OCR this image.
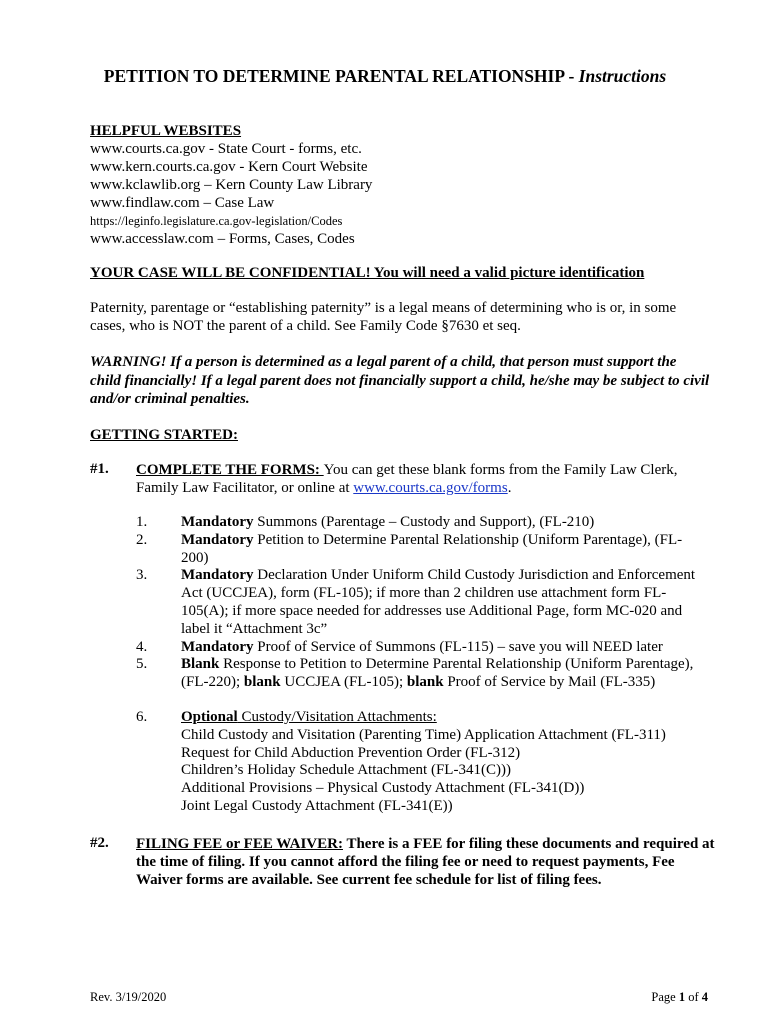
PETITION TO DETERMINE PARENTAL RELATIONSHIP - Instructions
HELPFUL WEBSITES
www.courts.ca.gov - State Court - forms, etc.
www.kern.courts.ca.gov - Kern Court Website
www.kclawlib.org – Kern County Law Library
www.findlaw.com – Case Law
https://leginfo.legislature.ca.gov-legislation/Codes
www.accesslaw.com – Forms, Cases, Codes
YOUR CASE WILL BE CONFIDENTIAL! You will need a valid picture identification
Paternity, parentage or “establishing paternity” is a legal means of determining who is or, in some cases, who is NOT the parent of a child. See Family Code §7630 et seq.
WARNING! If a person is determined as a legal parent of a child, that person must support the child financially! If a legal parent does not financially support a child, he/she may be subject to civil and/or criminal penalties.
GETTING STARTED:
#1. COMPLETE THE FORMS: You can get these blank forms from the Family Law Clerk, Family Law Facilitator, or online at www.courts.ca.gov/forms.
1. Mandatory Summons (Parentage – Custody and Support), (FL-210)
2. Mandatory Petition to Determine Parental Relationship (Uniform Parentage), (FL-200)
3. Mandatory Declaration Under Uniform Child Custody Jurisdiction and Enforcement Act (UCCJEA), form (FL-105); if more than 2 children use attachment form FL-105(A); if more space needed for addresses use Additional Page, form MC-020 and label it “Attachment 3c”
4. Mandatory Proof of Service of Summons (FL-115) – save you will NEED later
5. Blank Response to Petition to Determine Parental Relationship (Uniform Parentage), (FL-220); blank UCCJEA (FL-105); blank Proof of Service by Mail (FL-335)
6. Optional Custody/Visitation Attachments:
Child Custody and Visitation (Parenting Time) Application Attachment (FL-311)
Request for Child Abduction Prevention Order (FL-312)
Children’s Holiday Schedule Attachment (FL-341(C)))
Additional Provisions – Physical Custody Attachment (FL-341(D))
Joint Legal Custody Attachment (FL-341(E))
#2. FILING FEE or FEE WAIVER: There is a FEE for filing these documents and required at the time of filing. If you cannot afford the filing fee or need to request payments, Fee Waiver forms are available. See current fee schedule for list of filing fees.
Rev. 3/19/2020	Page 1 of 4
